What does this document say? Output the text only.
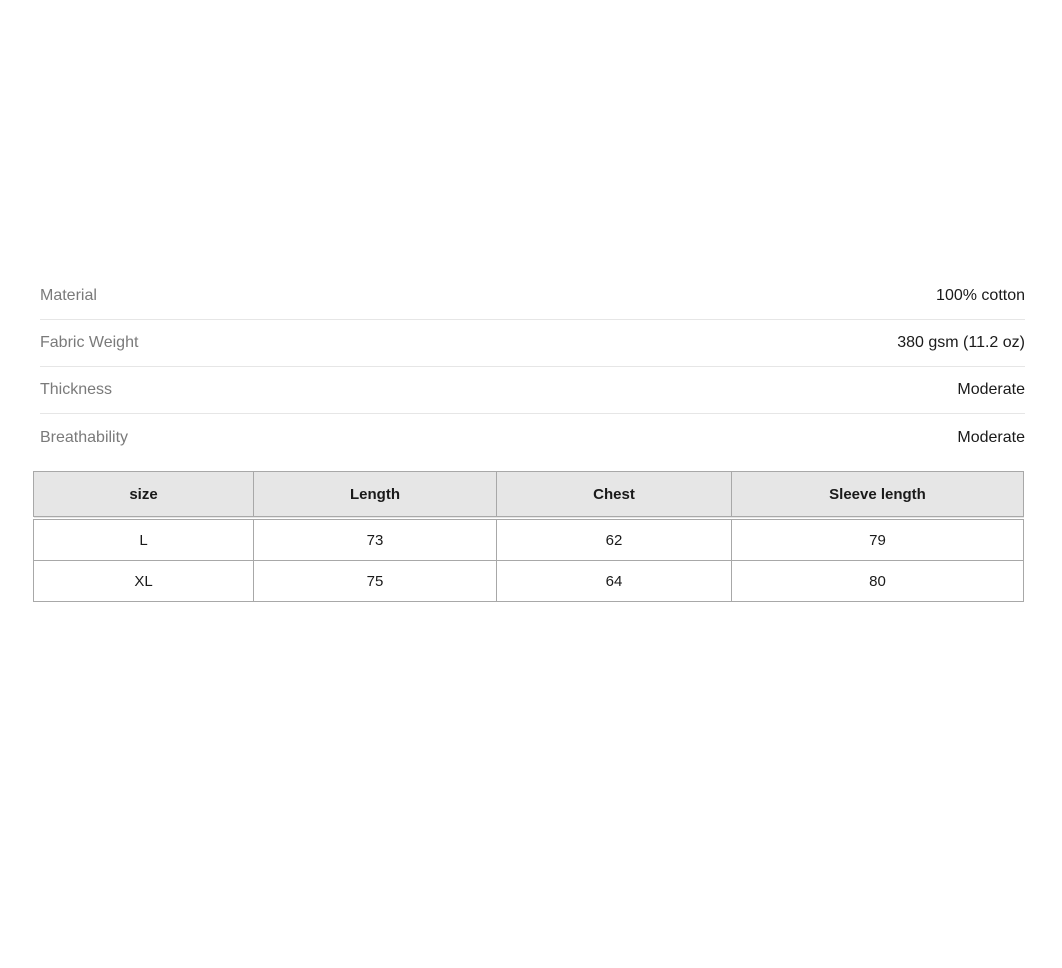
Material	100% cotton
Fabric Weight	380 gsm (11.2 oz)
Thickness	Moderate
Breathability	Moderate
size	Length	Chest	Sleeve length
L	73	62	79
XL	75	64	80
